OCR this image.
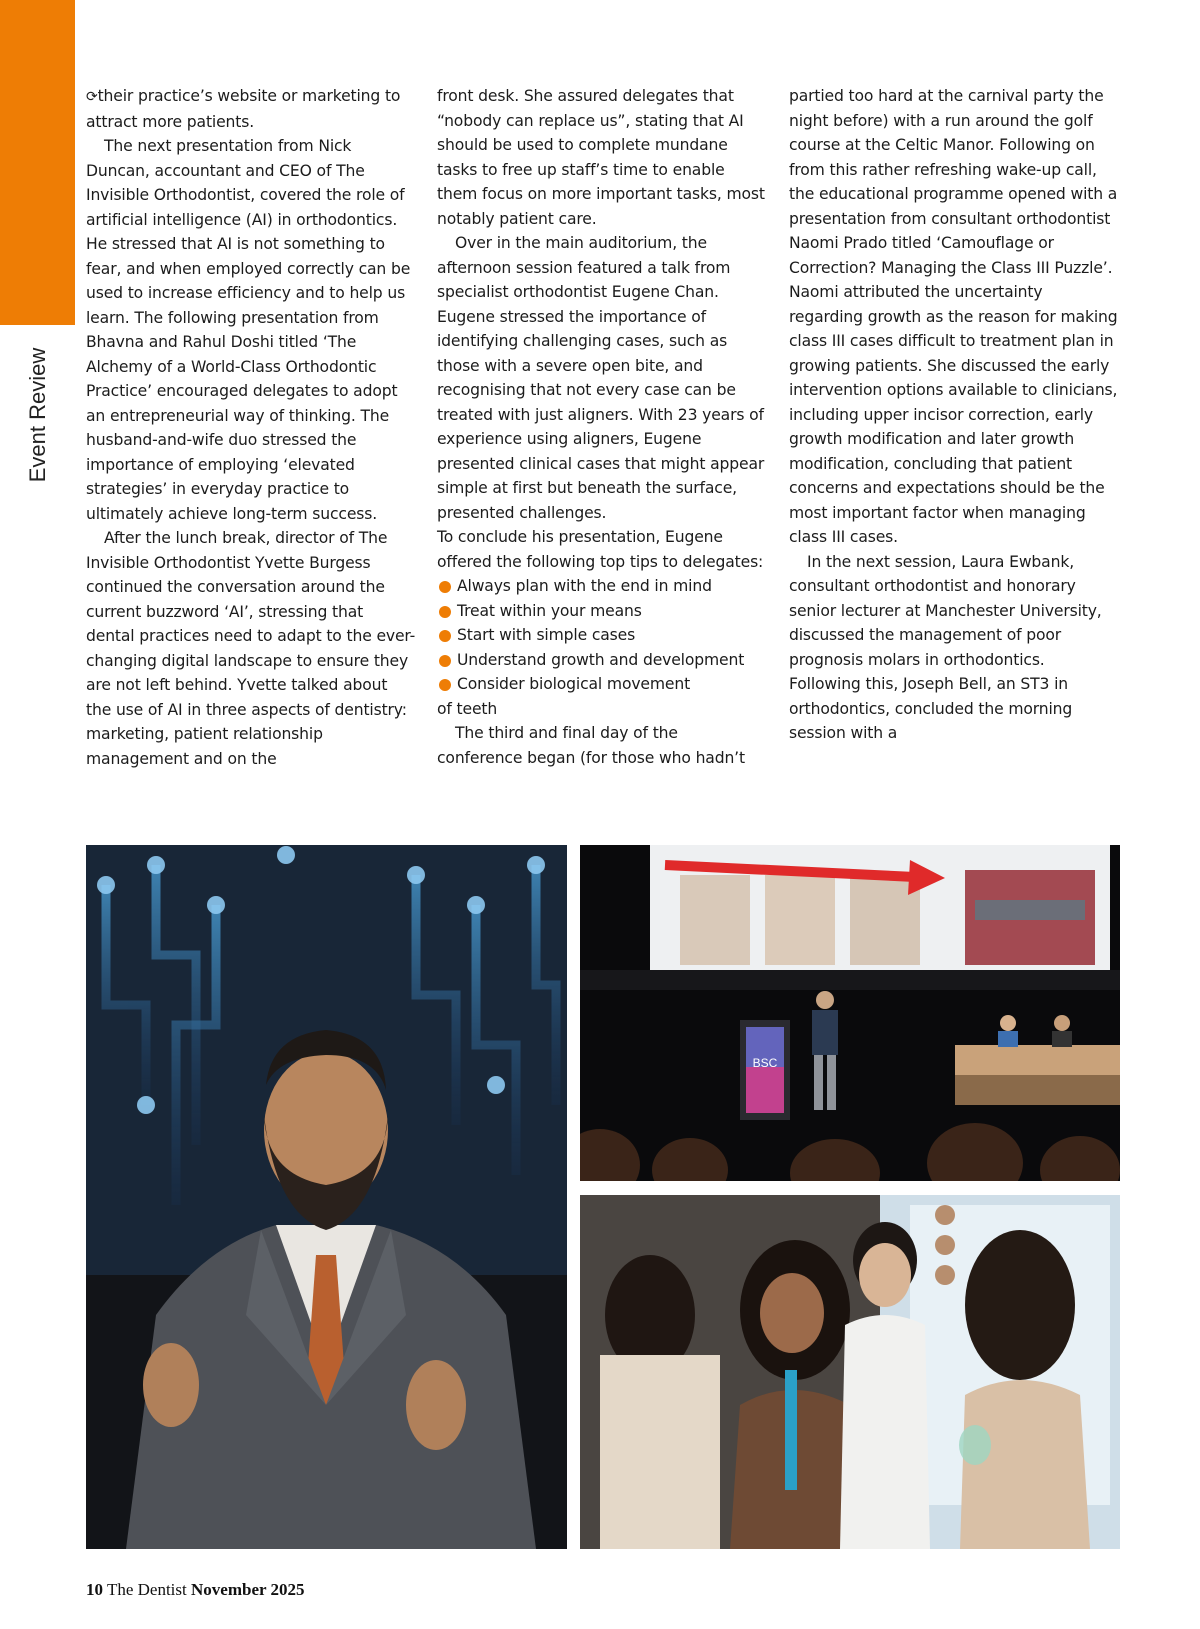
Event Review

⟳their practice’s website or marketing to attract more patients.

The next presentation from Nick Duncan, accountant and CEO of The Invisible Orthodontist, covered the role of artificial intelligence (AI) in orthodontics. He stressed that AI is not something to fear, and when employed correctly can be used to increase efficiency and to help us learn. The following presentation from Bhavna and Rahul Doshi titled ‘The Alchemy of a World-Class Orthodontic Practice’ encouraged delegates to adopt an entrepreneurial way of thinking. The husband-and-wife duo stressed the importance of employing ‘elevated strategies’ in everyday practice to ultimately achieve long-term success.

After the lunch break, director of The Invisible Orthodontist Yvette Burgess continued the conversation around the current buzzword ‘AI’, stressing that dental practices need to adapt to the ever-changing digital landscape to ensure they are not left behind. Yvette talked about the use of AI in three aspects of dentistry: marketing, patient relationship management and on the

front desk. She assured delegates that “nobody can replace us”, stating that AI should be used to complete mundane tasks to free up staff’s time to enable them focus on more important tasks, most notably patient care.

Over in the main auditorium, the afternoon session featured a talk from specialist orthodontist Eugene Chan. Eugene stressed the importance of identifying challenging cases, such as those with a severe open bite, and recognising that not every case can be treated with just aligners. With 23 years of experience using aligners, Eugene presented clinical cases that might appear simple at first but beneath the surface, presented challenges.

To conclude his presentation, Eugene offered the following top tips to delegates:

Always plan with the end in mind
Treat within your means
Start with simple cases
Understand growth and development
Consider biological movement
of teeth

The third and final day of the conference began (for those who hadn’t

partied too hard at the carnival party the night before) with a run around the golf course at the Celtic Manor. Following on from this rather refreshing wake-up call, the educational programme opened with a presentation from consultant orthodontist Naomi Prado titled ‘Camouflage or Correction? Managing the Class III Puzzle’. Naomi attributed the uncertainty regarding growth as the reason for making class III cases difficult to treatment plan in growing patients. She discussed the early intervention options available to clinicians, including upper incisor correction, early growth modification and later growth modification, concluding that patient concerns and expectations should be the most important factor when managing class III cases.

In the next session, Laura Ewbank, consultant orthodontist and honorary senior lecturer at Manchester University, discussed the management of poor prognosis molars in orthodontics. Following this, Joseph Bell, an ST3 in orthodontics, concluded the morning session with a

BSC
10 The Dentist November 2025
